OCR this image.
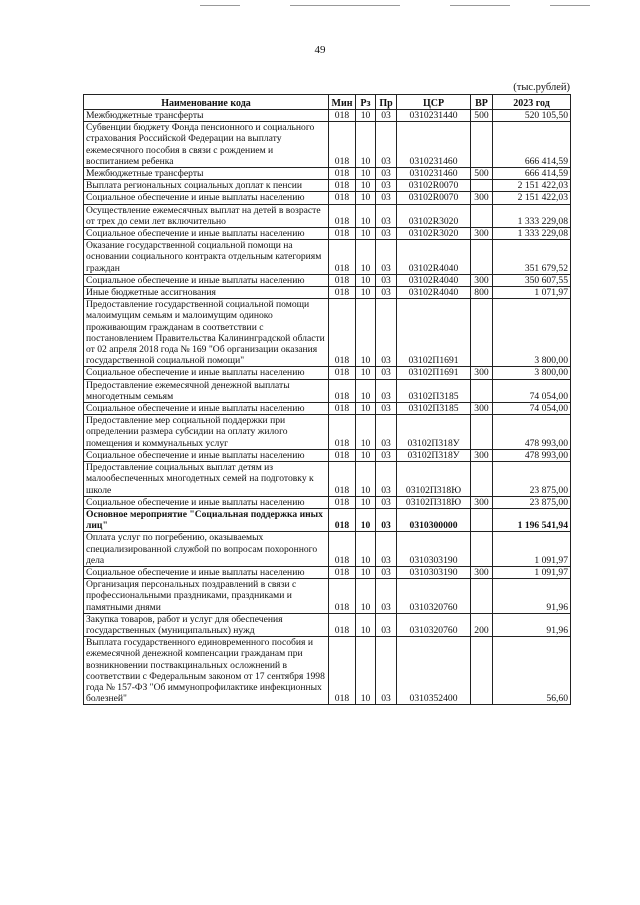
49
(тыс.рублей)
Наименование кода	Мин	Рз	Пр	ЦСР	ВР	2023 год
Межбюджетные трансферты	018	10	03	0310231440	500	520 105,50
Субвенции бюджету Фонда пенсионного и социального страхования Российской Федерации на выплату ежемесячного пособия в связи с рождением и воспитанием ребенка	018	10	03	0310231460		666 414,59
Межбюджетные трансферты	018	10	03	0310231460	500	666 414,59
Выплата региональных социальных доплат к пенсии	018	10	03	03102R0070		2 151 422,03
Социальное обеспечение и иные выплаты населению	018	10	03	03102R0070	300	2 151 422,03
Осуществление ежемесячных выплат на детей в возрасте от трех до семи лет включительно	018	10	03	03102R3020		1 333 229,08
Социальное обеспечение и иные выплаты населению	018	10	03	03102R3020	300	1 333 229,08
Оказание государственной социальной помощи на основании социального контракта отдельным категориям граждан	018	10	03	03102R4040		351 679,52
Социальное обеспечение и иные выплаты населению	018	10	03	03102R4040	300	350 607,55
Иные бюджетные ассигнования	018	10	03	03102R4040	800	1 071,97
Предоставление государственной социальной помощи малоимущим семьям и малоимущим одиноко проживающим гражданам в соответствии с постановлением Правительства Калининградской области от 02 апреля 2018 года № 169 "Об организации оказания государственной социальной помощи"	018	10	03	03102П1691		3 800,00
Социальное обеспечение и иные выплаты населению	018	10	03	03102П1691	300	3 800,00
Предоставление ежемесячной денежной выплаты многодетным семьям	018	10	03	03102П3185		74 054,00
Социальное обеспечение и иные выплаты населению	018	10	03	03102П3185	300	74 054,00
Предоставление мер социальной поддержки при определении размера субсидии на оплату жилого помещения и коммунальных услуг	018	10	03	03102П318У		478 993,00
Социальное обеспечение и иные выплаты населению	018	10	03	03102П318У	300	478 993,00
Предоставление социальных выплат детям из малообеспеченных многодетных семей на подготовку к школе	018	10	03	03102П318Ю		23 875,00
Социальное обеспечение и иные выплаты населению	018	10	03	03102П318Ю	300	23 875,00
Основное мероприятие "Социальная поддержка иных лиц"	018	10	03	0310300000		1 196 541,94
Оплата услуг по погребению, оказываемых специализированной службой по вопросам похоронного дела	018	10	03	0310303190		1 091,97
Социальное обеспечение и иные выплаты населению	018	10	03	0310303190	300	1 091,97
Организация персональных поздравлений в связи с профессиональными праздниками, праздниками и памятными днями	018	10	03	0310320760		91,96
Закупка товаров, работ и услуг для обеспечения государственных (муниципальных) нужд	018	10	03	0310320760	200	91,96
Выплата государственного единовременного пособия и ежемесячной денежной компенсации гражданам при возникновении поствакцинальных осложнений в соответствии с Федеральным законом от 17 сентября 1998 года № 157-ФЗ "Об иммунопрофилактике инфекционных болезней"	018	10	03	0310352400		56,60
